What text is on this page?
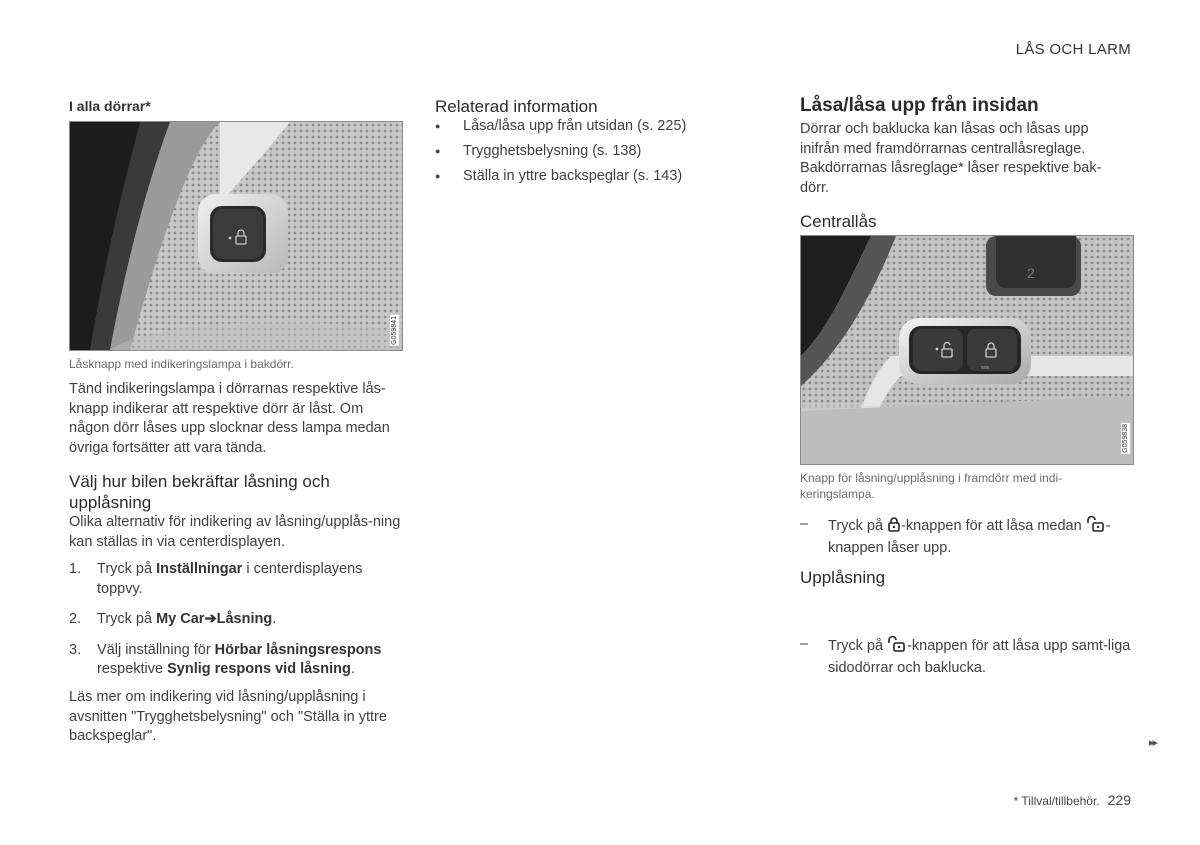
LÅS OCH LARM
I alla dörrar*
G059841
Låsknapp med indikeringslampa i bakdörr.

Tänd indikeringslampa i dörrarnas respektive lås-knapp indikerar att respektive dörr är låst. Om någon dörr låses upp slocknar dess lampa medan övriga fortsätter att vara tända.

Välj hur bilen bekräftar låsning och upplåsning

Olika alternativ för indikering av låsning/upplås-ning kan ställas in via centerdisplayen.

1. Tryck på Inställningar i centerdisplayens toppvy.
2. Tryck på My Car➔Låsning.
3. Välj inställning för Hörbar låsningsrespons respektive Synlig respons vid låsning.

Läs mer om indikering vid låsning/upplåsning i avsnitten "Trygghetsbelysning" och "Ställa in yttre backspeglar".

Relaterad information
● Låsa/låsa upp från utsidan (s. 225)
● Trygghetsbelysning (s. 138)
● Ställa in yttre backspeglar (s. 143)
Låsa/låsa upp från insidan

Dörrar och baklucka kan låsas och låsas upp inifrån med framdörrarnas centrallåsreglage. Bakdörrarnas låsreglage* låser respektive bak-dörr.

Centrallås
2
G059838
Knapp för låsning/upplåsning i framdörr med indi-keringslampa.
– Tryck på -knappen för att låsa medan -knappen låser upp.
Upplåsning
– Tryck på -knappen för att låsa upp samt-liga sidodörrar och baklucka.
▸▸
* Tillval/tillbehör. 229
